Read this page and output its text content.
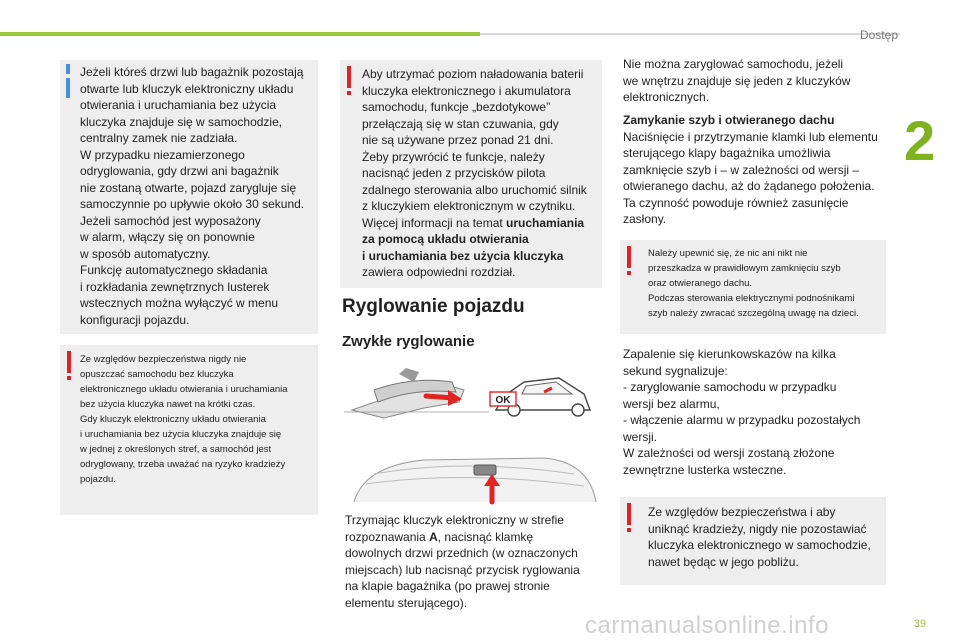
Dostęp
2
Jeżeli któreś drzwi lub bagażnik pozostają
otwarte lub kluczyk elektroniczny układu
otwierania i uruchamiania bez użycia
kluczyka znajduje się w samochodzie,
centralny zamek nie zadziała.
W przypadku niezamierzonego
odryglowania, gdy drzwi ani bagażnik
nie zostaną otwarte, pojazd zarygluje się
samoczynnie po upływie około 30 sekund.
Jeżeli samochód jest wyposażony
w alarm, włączy się on ponownie
w sposób automatyczny.
Funkcję automatycznego składania
i rozkładania zewnętrznych lusterek
wstecznych można wyłączyć w menu
konfiguracji pojazdu.
Ze względów bezpieczeństwa nigdy nie
opuszczać samochodu bez kluczyka
elektronicznego układu otwierania i uruchamiania
bez użycia kluczyka nawet na krótki czas.
Gdy kluczyk elektroniczny układu otwierania
i uruchamiania bez użycia kluczyka znajduje się
w jednej z określonych stref, a samochód jest
odryglowany, trzeba uważać na ryzyko kradzieży
pojazdu.
Aby utrzymać poziom naładowania baterii
kluczyka elektronicznego i akumulatora
samochodu, funkcje „bezdotykowe”
przełączają się w stan czuwania, gdy
nie są używane przez ponad 21 dni.
Żeby przywrócić te funkcje, należy
nacisnąć jeden z przycisków pilota
zdalnego sterowania albo uruchomić silnik
z kluczykiem elektronicznym w czytniku.
Więcej informacji na temat uruchamiania
za pomocą układu otwierania
i uruchamiania bez użycia kluczyka
zawiera odpowiedni rozdział.
Ryglowanie pojazdu
Zwykłe ryglowanie
OK
Trzymając kluczyk elektroniczny w strefie
rozpoznawania A, nacisnąć klamkę
dowolnych drzwi przednich (w oznaczonych
miejscach) lub nacisnąć przycisk ryglowania
na klapie bagażnika (po prawej stronie
elementu sterującego).
Nie można zaryglować samochodu, jeżeli
we wnętrzu znajduje się jeden z kluczyków
elektronicznych.
Zamykanie szyb i otwieranego dachu
Naciśnięcie i przytrzymanie klamki lub elementu
sterującego klapy bagażnika umożliwia
zamknięcie szyb i – w zależności od wersji –
otwieranego dachu, aż do żądanego położenia.
Ta czynność powoduje również zasunięcie
zasłony.
Należy upewnić się, że nic ani nikt nie
przeszkadza w prawidłowym zamknięciu szyb
oraz otwieranego dachu.
Podczas sterowania elektrycznymi podnośnikami
szyb należy zwracać szczególną uwagę na dzieci.
Zapalenie się kierunkowskazów na kilka
sekund sygnalizuje:
- zaryglowanie samochodu w przypadku
wersji bez alarmu,
- włączenie alarmu w przypadku pozostałych
wersji.
W zależności od wersji zostaną złożone
zewnętrzne lusterka wsteczne.
Ze względów bezpieczeństwa i aby
uniknąć kradzieży, nigdy nie pozostawiać
kluczyka elektronicznego w samochodzie,
nawet będąc w jego pobliżu.
carmanualsonline.info	39
